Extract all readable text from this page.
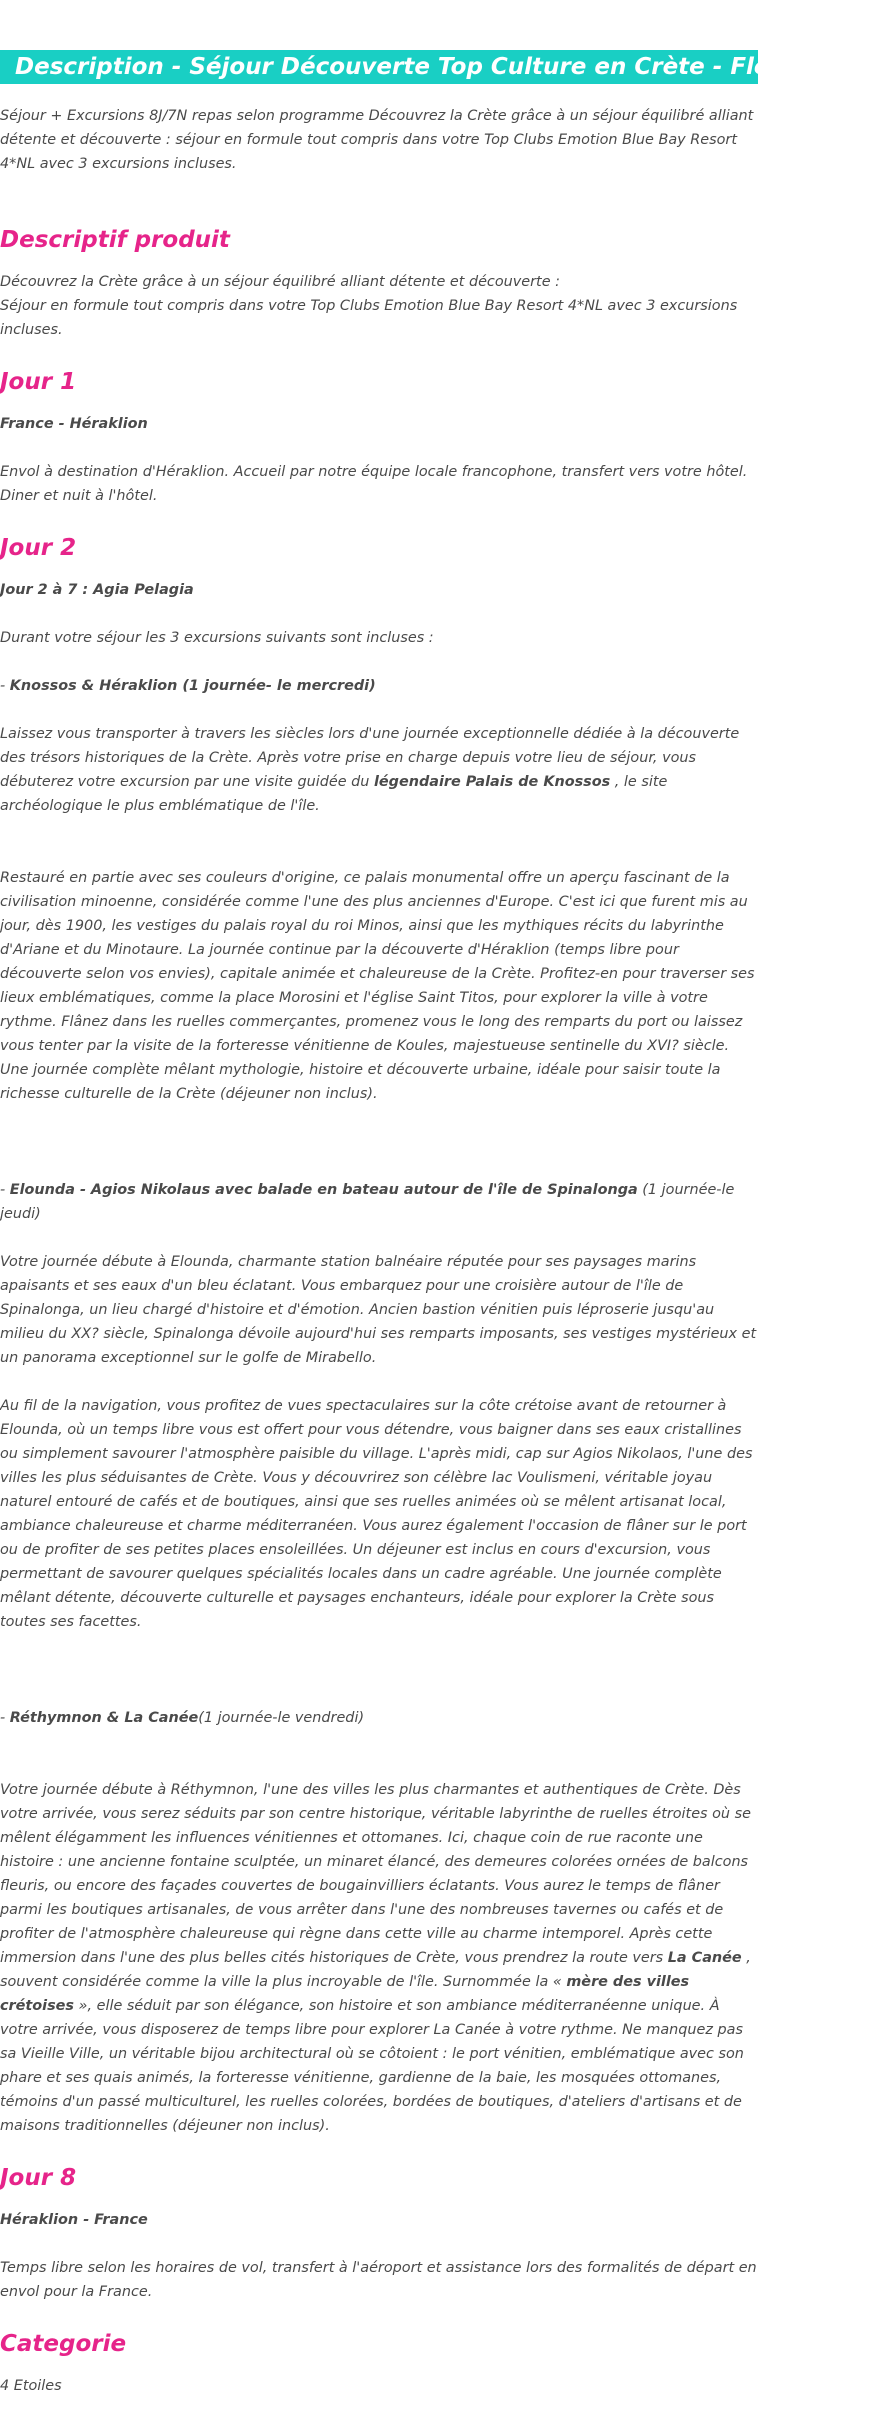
Description - Séjour Découverte Top Culture en Crète - Flex - Crète

Séjour + Excursions 8J/7N repas selon programme Découvrez la Crète grâce à un séjour équilibré alliant détente et découverte : séjour en formule tout compris dans votre Top Clubs Emotion Blue Bay Resort 4*NL avec 3 excursions incluses.

Descriptif produit

Découvrez la Crète grâce à un séjour équilibré alliant détente et découverte :

Séjour en formule tout compris dans votre Top Clubs Emotion Blue Bay Resort 4*NL avec 3 excursions incluses.

Jour 1

France - Héraklion

Envol à destination d'Héraklion. Accueil par notre équipe locale francophone, transfert vers votre hôtel. Diner et nuit à l'hôtel.

Jour 2

Jour 2 à 7 : Agia Pelagia

Durant votre séjour les 3 excursions suivants sont incluses :

- Knossos & Héraklion (1 journée- le mercredi)

Laissez vous transporter à travers les siècles lors d'une journée exceptionnelle dédiée à la découverte des trésors historiques de la Crète. Après votre prise en charge depuis votre lieu de séjour, vous débuterez votre excursion par une visite guidée du légendaire Palais de Knossos , le site archéologique le plus emblématique de l'île.

Restauré en partie avec ses couleurs d'origine, ce palais monumental offre un aperçu fascinant de la civilisation minoenne, considérée comme l'une des plus anciennes d'Europe. C'est ici que furent mis au jour, dès 1900, les vestiges du palais royal du roi Minos, ainsi que les mythiques récits du labyrinthe d'Ariane et du Minotaure. La journée continue par la découverte d'Héraklion (temps libre pour découverte selon vos envies), capitale animée et chaleureuse de la Crète. Profitez-en pour traverser ses lieux emblématiques, comme la place Morosini et l'église Saint Titos, pour explorer la ville à votre rythme. Flânez dans les ruelles commerçantes, promenez vous le long des remparts du port ou laissez vous tenter par la visite de la forteresse vénitienne de Koules, majestueuse sentinelle du XVI? siècle. Une journée complète mêlant mythologie, histoire et découverte urbaine, idéale pour saisir toute la richesse culturelle de la Crète (déjeuner non inclus).

- Elounda - Agios Nikolaus avec balade en bateau autour de l'île de Spinalonga (1 journée-le jeudi)

Votre journée débute à Elounda, charmante station balnéaire réputée pour ses paysages marins apaisants et ses eaux d'un bleu éclatant. Vous embarquez pour une croisière autour de l'île de Spinalonga, un lieu chargé d'histoire et d'émotion. Ancien bastion vénitien puis léproserie jusqu'au milieu du XX? siècle, Spinalonga dévoile aujourd'hui ses remparts imposants, ses vestiges mystérieux et un panorama exceptionnel sur le golfe de Mirabello.

Au fil de la navigation, vous profitez de vues spectaculaires sur la côte crétoise avant de retourner à Elounda, où un temps libre vous est offert pour vous détendre, vous baigner dans ses eaux cristallines ou simplement savourer l'atmosphère paisible du village. L'après midi, cap sur Agios Nikolaos, l'une des villes les plus séduisantes de Crète. Vous y découvrirez son célèbre lac Voulismeni, véritable joyau naturel entouré de cafés et de boutiques, ainsi que ses ruelles animées où se mêlent artisanat local, ambiance chaleureuse et charme méditerranéen. Vous aurez également l'occasion de flâner sur le port ou de profiter de ses petites places ensoleillées. Un déjeuner est inclus en cours d'excursion, vous permettant de savourer quelques spécialités locales dans un cadre agréable. Une journée complète mêlant détente, découverte culturelle et paysages enchanteurs, idéale pour explorer la Crète sous toutes ses facettes.

- Réthymnon & La Canée(1 journée-le vendredi)

Votre journée débute à Réthymnon, l'une des villes les plus charmantes et authentiques de Crète. Dès votre arrivée, vous serez séduits par son centre historique, véritable labyrinthe de ruelles étroites où se mêlent élégamment les influences vénitiennes et ottomanes. Ici, chaque coin de rue raconte une histoire : une ancienne fontaine sculptée, un minaret élancé, des demeures colorées ornées de balcons fleuris, ou encore des façades couvertes de bougainvilliers éclatants. Vous aurez le temps de flâner parmi les boutiques artisanales, de vous arrêter dans l'une des nombreuses tavernes ou cafés et de profiter de l'atmosphère chaleureuse qui règne dans cette ville au charme intemporel. Après cette immersion dans l'une des plus belles cités historiques de Crète, vous prendrez la route vers La Canée , souvent considérée comme la ville la plus incroyable de l'île. Surnommée la « mère des villes crétoises », elle séduit par son élégance, son histoire et son ambiance méditerranéenne unique. À votre arrivée, vous disposerez de temps libre pour explorer La Canée à votre rythme. Ne manquez pas sa Vieille Ville, un véritable bijou architectural où se côtoient : le port vénitien, emblématique avec son phare et ses quais animés, la forteresse vénitienne, gardienne de la baie, les mosquées ottomanes, témoins d'un passé multiculturel, les ruelles colorées, bordées de boutiques, d'ateliers d'artisans et de maisons traditionnelles (déjeuner non inclus).

Jour 8

Héraklion - France

Temps libre selon les horaires de vol, transfert à l'aéroport et assistance lors des formalités de départ en envol pour la France.

Categorie

4 Etoiles
